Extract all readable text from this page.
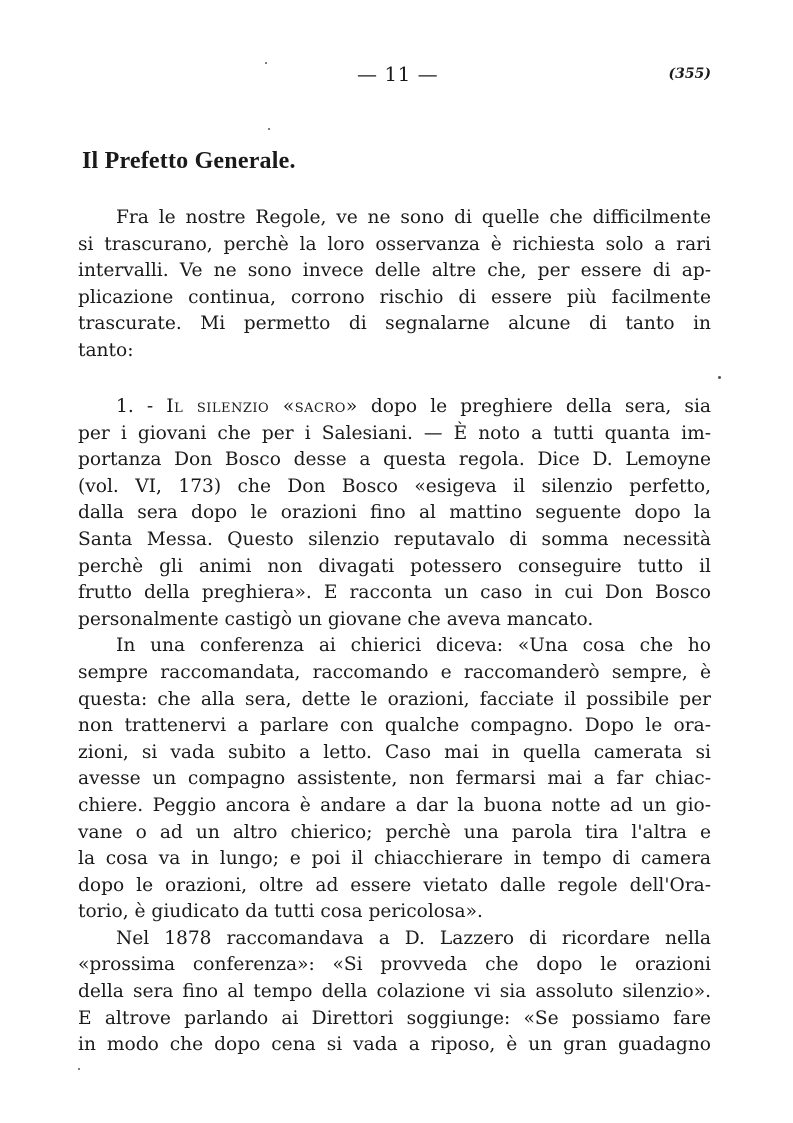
— 11 —	(355)
Il Prefetto Generale.

Fra le nostre Regole, ve ne sono di quelle che difficilmente
si trascurano, perchè la loro osservanza è richiesta solo a rari
intervalli. Ve ne sono invece delle altre che, per essere di ap-
plicazione continua, corrono rischio di essere più facilmente
trascurate. Mi permetto di segnalarne alcune di tanto in
tanto:

1. - Il silenzio «sacro» dopo le preghiere della sera, sia
per i giovani che per i Salesiani. — È noto a tutti quanta im-
portanza Don Bosco desse a questa regola. Dice D. Lemoyne
(vol. VI, 173) che Don Bosco «esigeva il silenzio perfetto,
dalla sera dopo le orazioni fino al mattino seguente dopo la
Santa Messa. Questo silenzio reputavalo di somma necessità
perchè gli animi non divagati potessero conseguire tutto il
frutto della preghiera». E racconta un caso in cui Don Bosco
personalmente castigò un giovane che aveva mancato.

In una conferenza ai chierici diceva: «Una cosa che ho
sempre raccomandata, raccomando e raccomanderò sempre, è
questa: che alla sera, dette le orazioni, facciate il possibile per
non trattenervi a parlare con qualche compagno. Dopo le ora-
zioni, si vada subito a letto. Caso mai in quella camerata si
avesse un compagno assistente, non fermarsi mai a far chiac-
chiere. Peggio ancora è andare a dar la buona notte ad un gio-
vane o ad un altro chierico; perchè una parola tira l'altra e
la cosa va in lungo; e poi il chiacchierare in tempo di camera
dopo le orazioni, oltre ad essere vietato dalle regole dell'Ora-
torio, è giudicato da tutti cosa pericolosa».

Nel 1878 raccomandava a D. Lazzero di ricordare nella
«prossima conferenza»: «Si provveda che dopo le orazioni
della sera fino al tempo della colazione vi sia assoluto silenzio».
E altrove parlando ai Direttori soggiunge: «Se possiamo fare
in modo che dopo cena si vada a riposo, è un gran guadagno
